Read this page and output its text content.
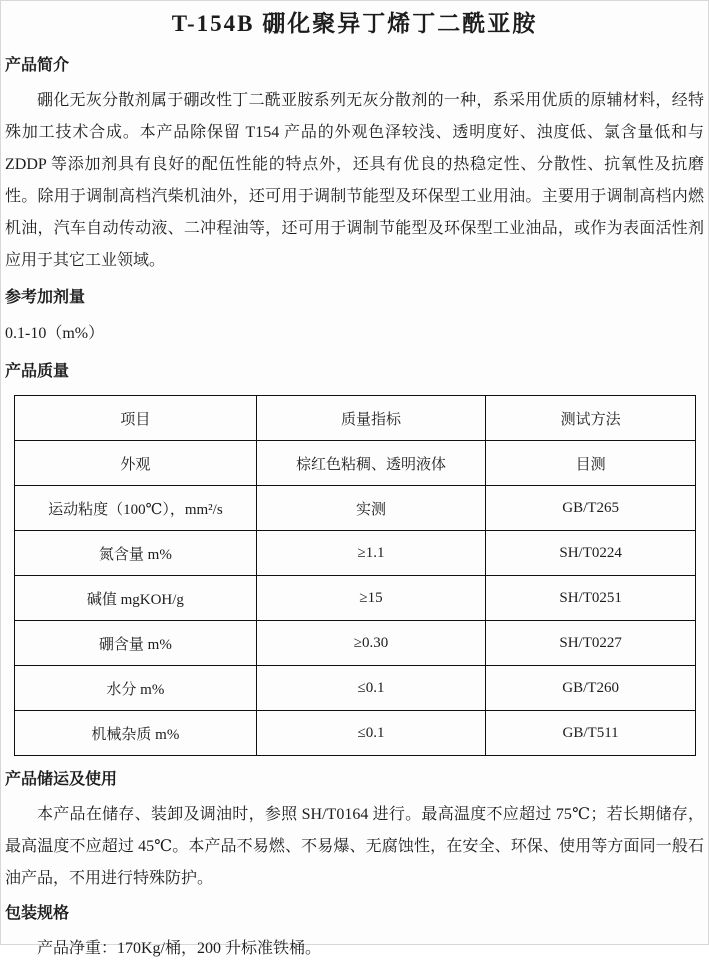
T-154B 硼化聚异丁烯丁二酰亚胺
产品简介

硼化无灰分散剂属于硼改性丁二酰亚胺系列无灰分散剂的一种，系采用优质的原辅材料，经特殊加工技术合成。本产品除保留 T154 产品的外观色泽较浅、透明度好、浊度低、氯含量低和与 ZDDP 等添加剂具有良好的配伍性能的特点外，还具有优良的热稳定性、分散性、抗氧性及抗磨性。除用于调制高档汽柴机油外，还可用于调制节能型及环保型工业用油。主要用于调制高档内燃机油，汽车自动传动液、二冲程油等，还可用于调制节能型及环保型工业油品，或作为表面活性剂应用于其它工业领域。

参考加剂量

0.1-10（m%）

产品质量
项目	质量指标	测试方法
外观	棕红色粘稠、透明液体	目测
运动粘度（100℃），mm²/s	实测	GB/T265
氮含量 m%	≥1.1	SH/T0224
碱值 mgKOH/g	≥15	SH/T0251
硼含量 m%	≥0.30	SH/T0227
水分 m%	≤0.1	GB/T260
机械杂质 m%	≤0.1	GB/T511
产品储运及使用

本产品在储存、装卸及调油时，参照 SH/T0164 进行。最高温度不应超过 75℃；若长期储存，最高温度不应超过 45℃。本产品不易燃、不易爆、无腐蚀性，在安全、环保、使用等方面同一般石油产品，不用进行特殊防护。

包装规格

产品净重：170Kg/桶，200 升标准铁桶。
